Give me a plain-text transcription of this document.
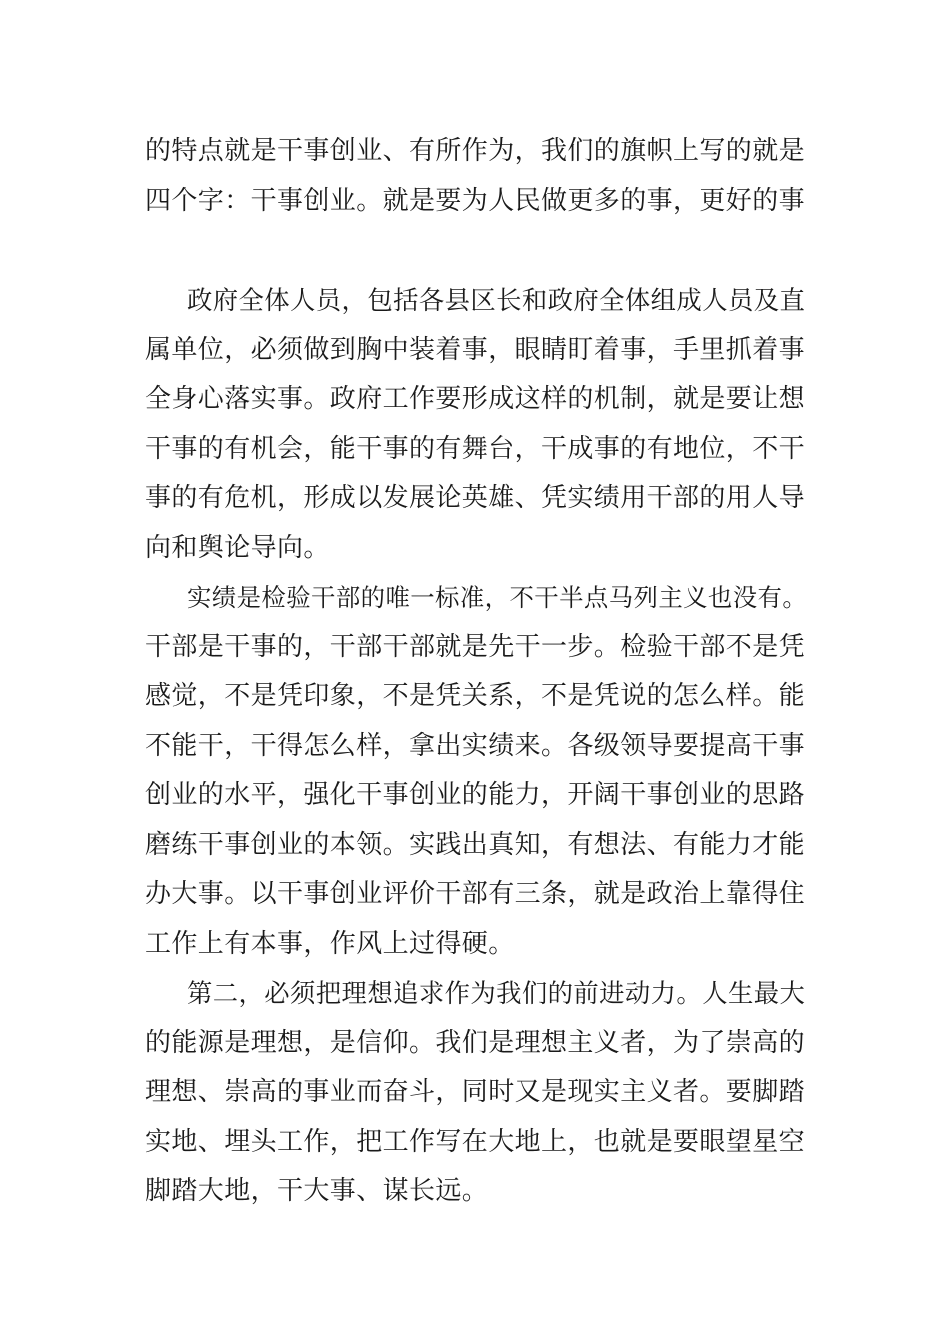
的特点就是干事创业、有所作为，我们的旗帜上写的就是
四个字：干事创业。就是要为人民做更多的事，更好的事
政府全体人员，包括各县区长和政府全体组成人员及直
属单位，必须做到胸中装着事，眼睛盯着事，手里抓着事
全身心落实事。政府工作要形成这样的机制，就是要让想
干事的有机会，能干事的有舞台，干成事的有地位，不干
事的有危机，形成以发展论英雄、凭实绩用干部的用人导
向和舆论导向。
实绩是检验干部的唯一标准，不干半点马列主义也没有。
干部是干事的，干部干部就是先干一步。检验干部不是凭
感觉，不是凭印象，不是凭关系，不是凭说的怎么样。能
不能干，干得怎么样，拿出实绩来。各级领导要提高干事
创业的水平，强化干事创业的能力，开阔干事创业的思路
磨练干事创业的本领。实践出真知，有想法、有能力才能
办大事。以干事创业评价干部有三条，就是政治上靠得住
工作上有本事，作风上过得硬。
第二，必须把理想追求作为我们的前进动力。人生最大
的能源是理想，是信仰。我们是理想主义者，为了崇高的
理想、崇高的事业而奋斗，同时又是现实主义者。要脚踏
实地、埋头工作，把工作写在大地上，也就是要眼望星空
脚踏大地，干大事、谋长远。
